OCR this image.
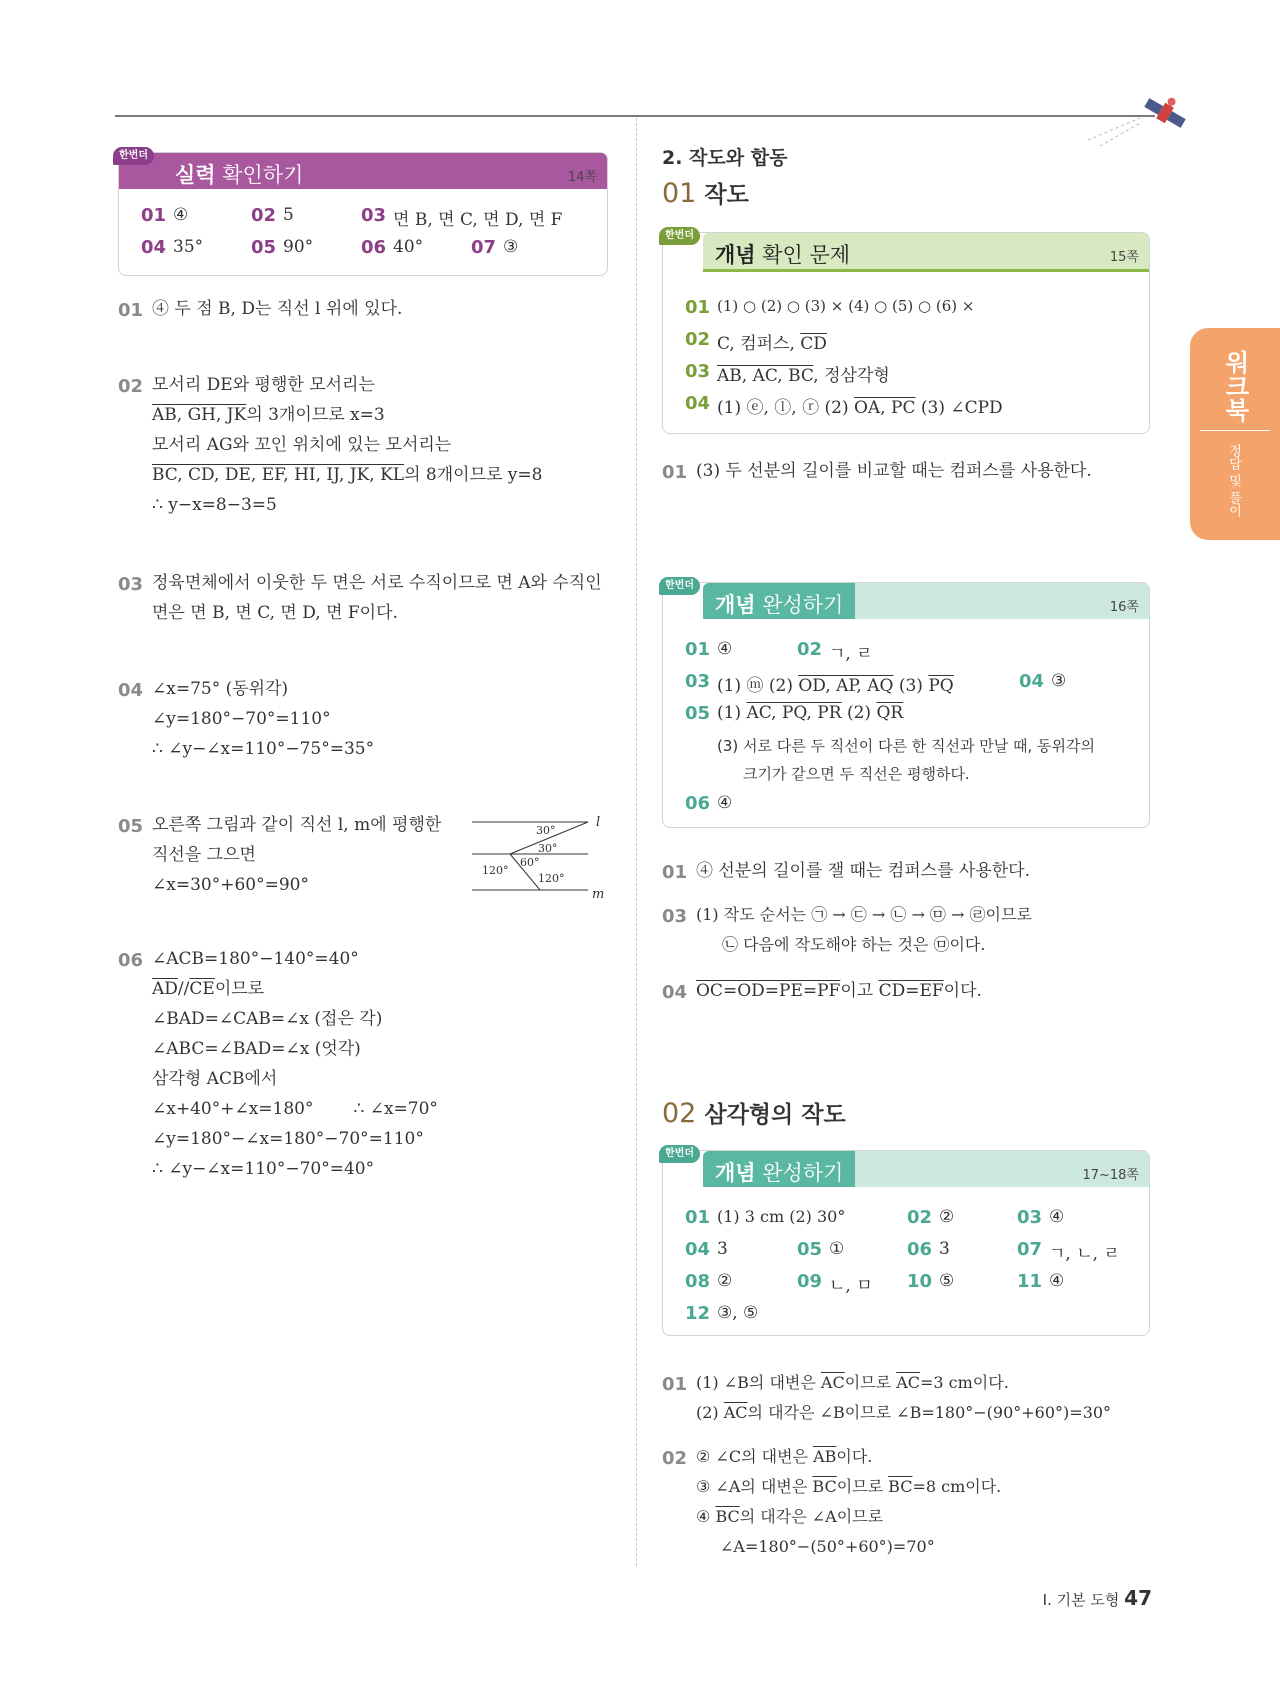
한번더
실력 확인하기	14쪽
01 ④	02 5	03 면 B, 면 C, 면 D, 면 F
04 35°	05 90°	06 40°	07 ③
01 ④ 두 점 B, D는 직선 l 위에 있다.
02 모서리 DE와 평행한 모서리는
AB, GH, JK의 3개이므로 x=3
모서리 AG와 꼬인 위치에 있는 모서리는
BC, CD, DE, EF, HI, IJ, JK, KL의 8개이므로 y=8
∴ y−x=8−3=5
03 정육면체에서 이웃한 두 면은 서로 수직이므로 면 A와 수직인
면은 면 B, 면 C, 면 D, 면 F이다.
04 ∠x=75° (동위각)
∠y=180°−70°=110°
∴ ∠y−∠x=110°−75°=35°
05 오른쪽 그림과 같이 직선 l, m에 평행한
직선을 그으면
∠x=30°+60°=90°
30°
30°
60°
120°
120°
l
m
06 ∠ACB=180°−140°=40°
$\overline{AD}//\overline{CE}$이므로
∠BAD=∠CAB=∠x (접은 각)
∠ABC=∠BAD=∠x (엇각)
삼각형 ACB에서
∠x+40°+∠x=180° ∴ ∠x=70°
∠y=180°−∠x=180°−70°=110°
∴ ∠y−∠x=110°−70°=40°
2. 작도와 합동
01 작도
한번더
개념 확인 문제	15쪽
01 (1) ○ (2) ○ (3) × (4) ○ (5) ○ (6) ×
02 C, 컴퍼스, $\overline{CD}$
03 AB, AC, BC, 정삼각형
04 (1) ⓔ, ⓛ, ⓡ (2) OA, PC (3) ∠CPD
01 (3) 두 선분의 길이를 비교할 때는 컴퍼스를 사용한다.
한번더
개념 완성하기	16쪽
01 ④	02 ㄱ, ㄹ
03 (1) ⓜ (2) OD, AP, AQ (3) $\overline{PQ}$	04 ③
05 (1) AC, PQ, PR (2) $\overline{QR}$
(3) 서로 다른 두 직선이 다른 한 직선과 만날 때, 동위각의
크기가 같으면 두 직선은 평행하다.
06 ④
01 ④ 선분의 길이를 잴 때는 컴퍼스를 사용한다.
03 (1) 작도 순서는 ㉠ → ㉢ → ㉡ → ㉤ → ㉣이므로
㉡ 다음에 작도해야 하는 것은 ㉤이다.
04 OC=OD=PE=PF이고 CD=EF이다.
02 삼각형의 작도
한번더
개념 완성하기	17~18쪽
01 (1) 3 cm (2) 30°	02 ②	03 ④
04 3	05 ①	06 3	07 ㄱ, ㄴ, ㄹ
08 ②	09 ㄴ, ㅁ 10 ⑤	11 ④
12 ③, ⑤
01 (1) ∠B의 대변은 $\overline{AC}$이므로 $\overline{AC}=3$ cm이다.
(2) $\overline{AC}$의 대각은 ∠B이므로 ∠B=180°−(90°+60°)=30°
02 ② ∠C의 대변은 $\overline{AB}$이다.
③ ∠A의 대변은 $\overline{BC}$이므로 $\overline{BC}=8$ cm이다.
④ $\overline{BC}$의 대각은 ∠A이므로
∠A=180°−(50°+60°)=70°
워크북
정답 및 풀이
Ⅰ. 기본 도형 47
